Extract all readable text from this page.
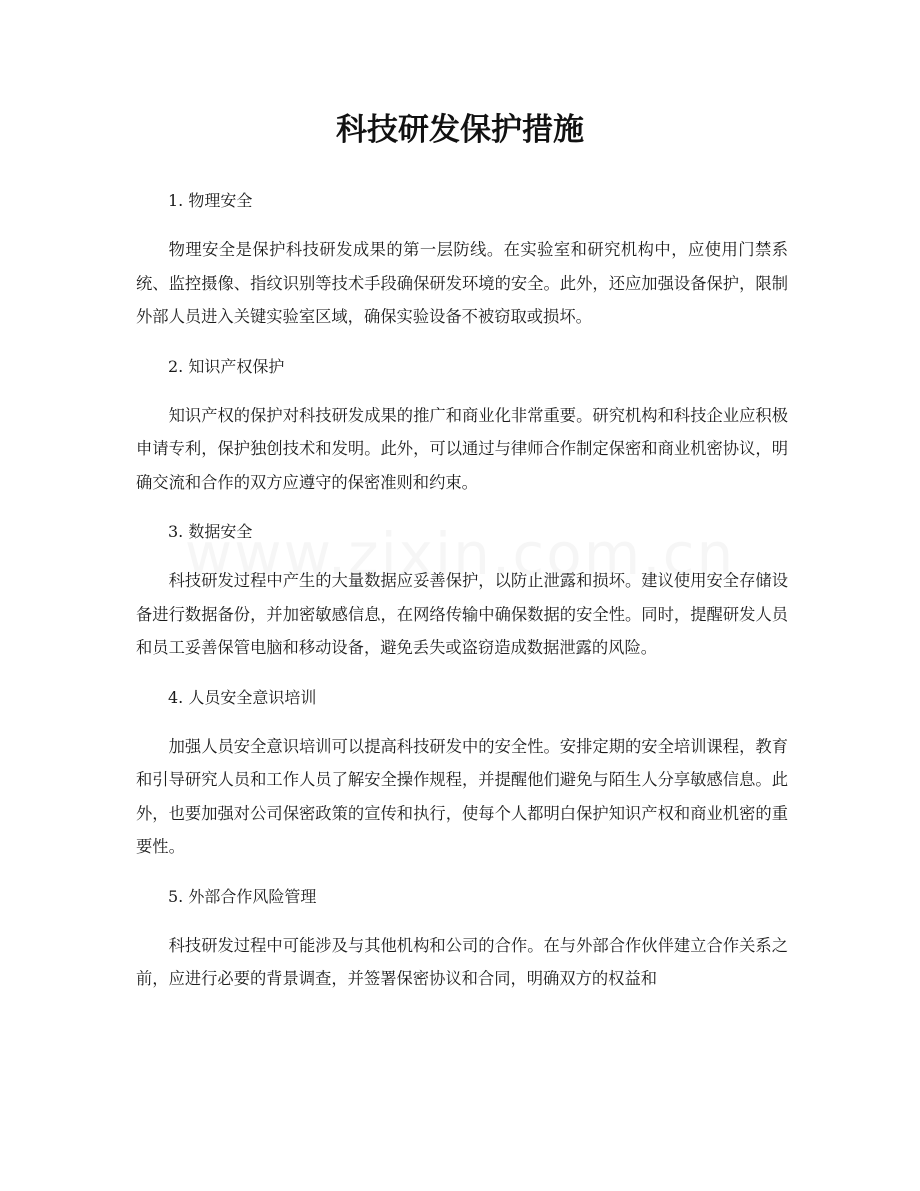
科技研发保护措施
1. 物理安全

物理安全是保护科技研发成果的第一层防线。在实验室和研究机构中，应使用门禁系统、监控摄像、指纹识别等技术手段确保研发环境的安全。此外，还应加强设备保护，限制外部人员进入关键实验室区域，确保实验设备不被窃取或损坏。

2. 知识产权保护

知识产权的保护对科技研发成果的推广和商业化非常重要。研究机构和科技企业应积极申请专利，保护独创技术和发明。此外，可以通过与律师合作制定保密和商业机密协议，明确交流和合作的双方应遵守的保密准则和约束。

3. 数据安全

科技研发过程中产生的大量数据应妥善保护，以防止泄露和损坏。建议使用安全存储设备进行数据备份，并加密敏感信息，在网络传输中确保数据的安全性。同时，提醒研发人员和员工妥善保管电脑和移动设备，避免丢失或盗窃造成数据泄露的风险。

4. 人员安全意识培训

加强人员安全意识培训可以提高科技研发中的安全性。安排定期的安全培训课程，教育和引导研究人员和工作人员了解安全操作规程，并提醒他们避免与陌生人分享敏感信息。此外，也要加强对公司保密政策的宣传和执行，使每个人都明白保护知识产权和商业机密的重要性。

5. 外部合作风险管理

科技研发过程中可能涉及与其他机构和公司的合作。在与外部合作伙伴建立合作关系之前，应进行必要的背景调查，并签署保密协议和合同，明确双方的权益和
